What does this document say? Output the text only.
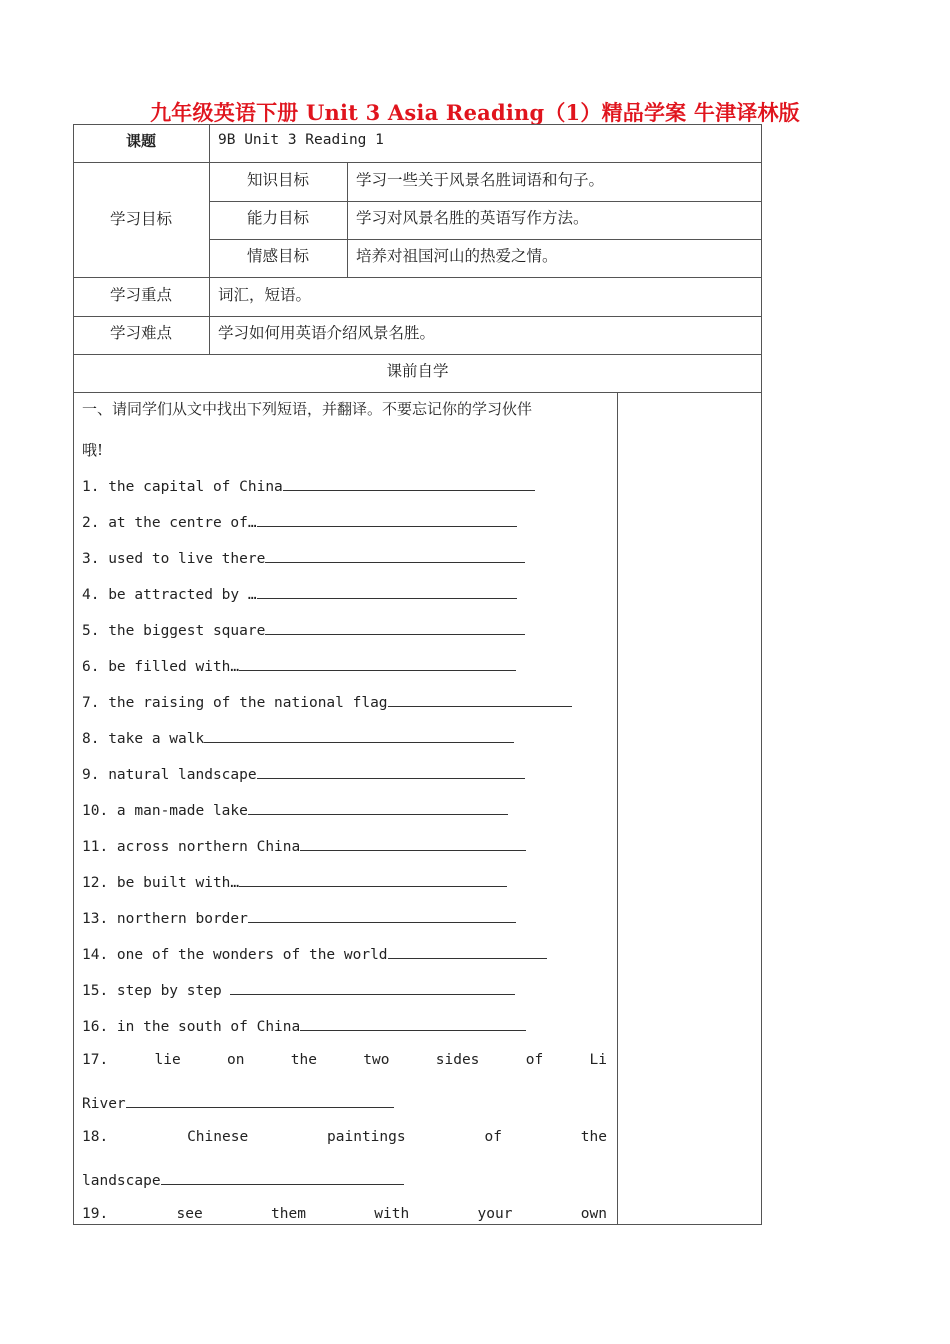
九年级英语下册 Unit 3 Asia Reading（1）精品学案 牛津译林版
课题	9B Unit 3 Reading 1
学习目标
知识目标	学习一些关于风景名胜词语和句子。
能力目标	学习对风景名胜的英语写作方法。
情感目标	培养对祖国河山的热爱之情。
学习重点	词汇，短语。
学习难点	学习如何用英语介绍风景名胜。
课前自学
一、请同学们从文中找出下列短语，并翻译。不要忘记你的学习伙伴
哦!
1. the capital of China
2. at the centre of…
3. used to live there
4. be attracted by …
5. the biggest square
6. be filled with…
7. the raising of the national flag
8. take a walk
9. natural landscape
10. a man-made lake
11. across northern China
12. be built with…
13. northern border
14. one of the wonders of the world
15. step by step
16. in the south of China
17.	lie	on	the	two	sides	of	Li
River
18.	Chinese	paintings	of	the
landscape
19.	see	them	with	your	own
